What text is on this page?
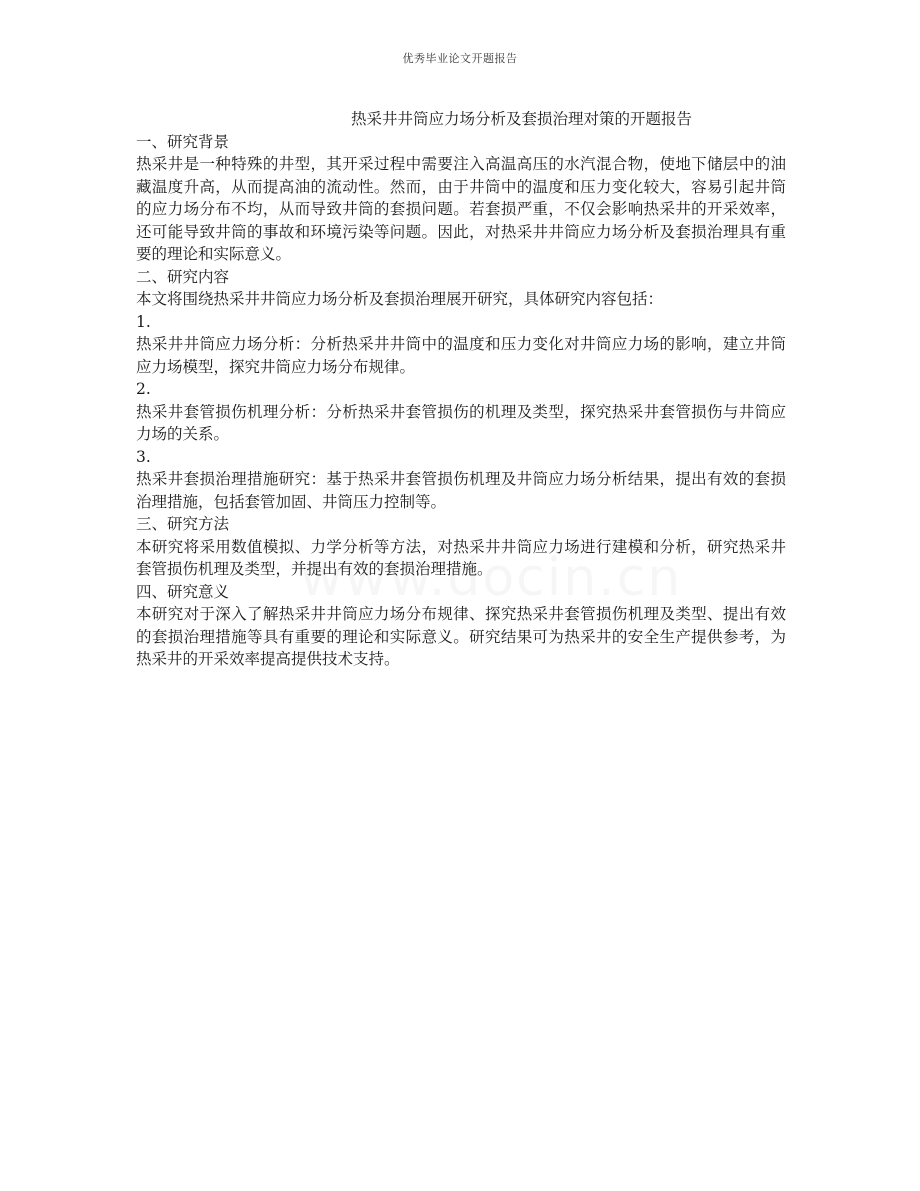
优秀毕业论文开题报告

热采井井筒应力场分析及套损治理对策的开题报告

一、研究背景

热采井是一种特殊的井型，其开采过程中需要注入高温高压的水汽混合物，使地下储层中的油藏温度升高，从而提高油的流动性。然而，由于井筒中的温度和压力变化较大，容易引起井筒的应力场分布不均，从而导致井筒的套损问题。若套损严重，不仅会影响热采井的开采效率，还可能导致井筒的事故和环境污染等问题。因此，对热采井井筒应力场分析及套损治理具有重要的理论和实际意义。

二、研究内容

本文将围绕热采井井筒应力场分析及套损治理展开研究，具体研究内容包括：

1.

热采井井筒应力场分析：分析热采井井筒中的温度和压力变化对井筒应力场的影响，建立井筒应力场模型，探究井筒应力场分布规律。

2.

热采井套管损伤机理分析：分析热采井套管损伤的机理及类型，探究热采井套管损伤与井筒应力场的关系。

3.

热采井套损治理措施研究：基于热采井套管损伤机理及井筒应力场分析结果，提出有效的套损治理措施，包括套管加固、井筒压力控制等。

三、研究方法

本研究将采用数值模拟、力学分析等方法，对热采井井筒应力场进行建模和分析，研究热采井套管损伤机理及类型，并提出有效的套损治理措施。

四、研究意义

本研究对于深入了解热采井井筒应力场分布规律、探究热采井套管损伤机理及类型、提出有效的套损治理措施等具有重要的理论和实际意义。研究结果可为热采井的安全生产提供参考，为热采井的开采效率提高提供技术支持。
